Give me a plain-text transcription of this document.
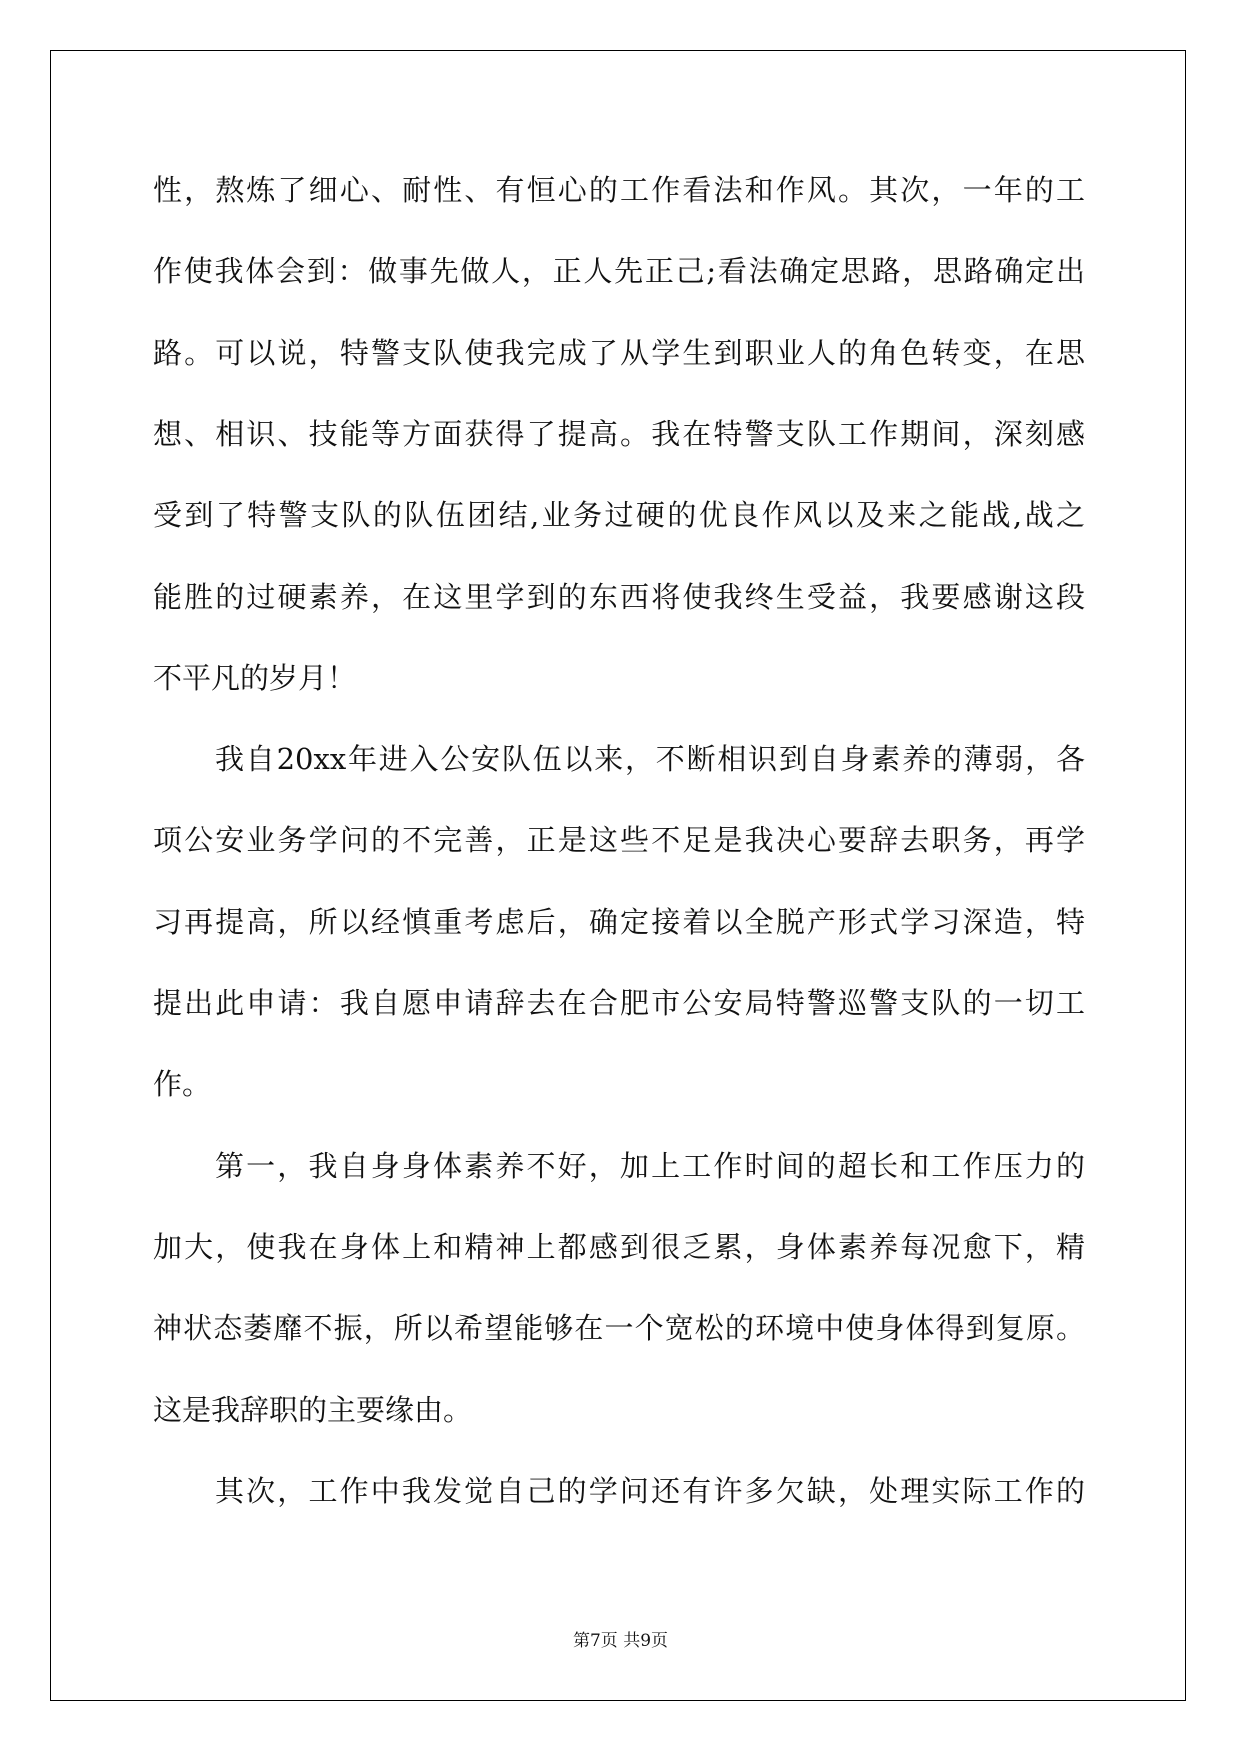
性，熬炼了细心、耐性、有恒心的工作看法和作风。其次，一年的工
作使我体会到：做事先做人，正人先正己;看法确定思路，思路确定出
路。可以说，特警支队使我完成了从学生到职业人的角色转变，在思
想、相识、技能等方面获得了提高。我在特警支队工作期间，深刻感
受到了特警支队的队伍团结,业务过硬的优良作风以及来之能战,战之
能胜的过硬素养，在这里学到的东西将使我终生受益，我要感谢这段
不平凡的岁月！
我自20xx年进入公安队伍以来，不断相识到自身素养的薄弱，各
项公安业务学问的不完善，正是这些不足是我决心要辞去职务，再学
习再提高，所以经慎重考虑后，确定接着以全脱产形式学习深造，特
提出此申请：我自愿申请辞去在合肥市公安局特警巡警支队的一切工
作。
第一，我自身身体素养不好，加上工作时间的超长和工作压力的
加大，使我在身体上和精神上都感到很乏累，身体素养每况愈下，精
神状态萎靡不振，所以希望能够在一个宽松的环境中使身体得到复原。
这是我辞职的主要缘由。
其次，工作中我发觉自己的学问还有许多欠缺，处理实际工作的
第7页 共9页
